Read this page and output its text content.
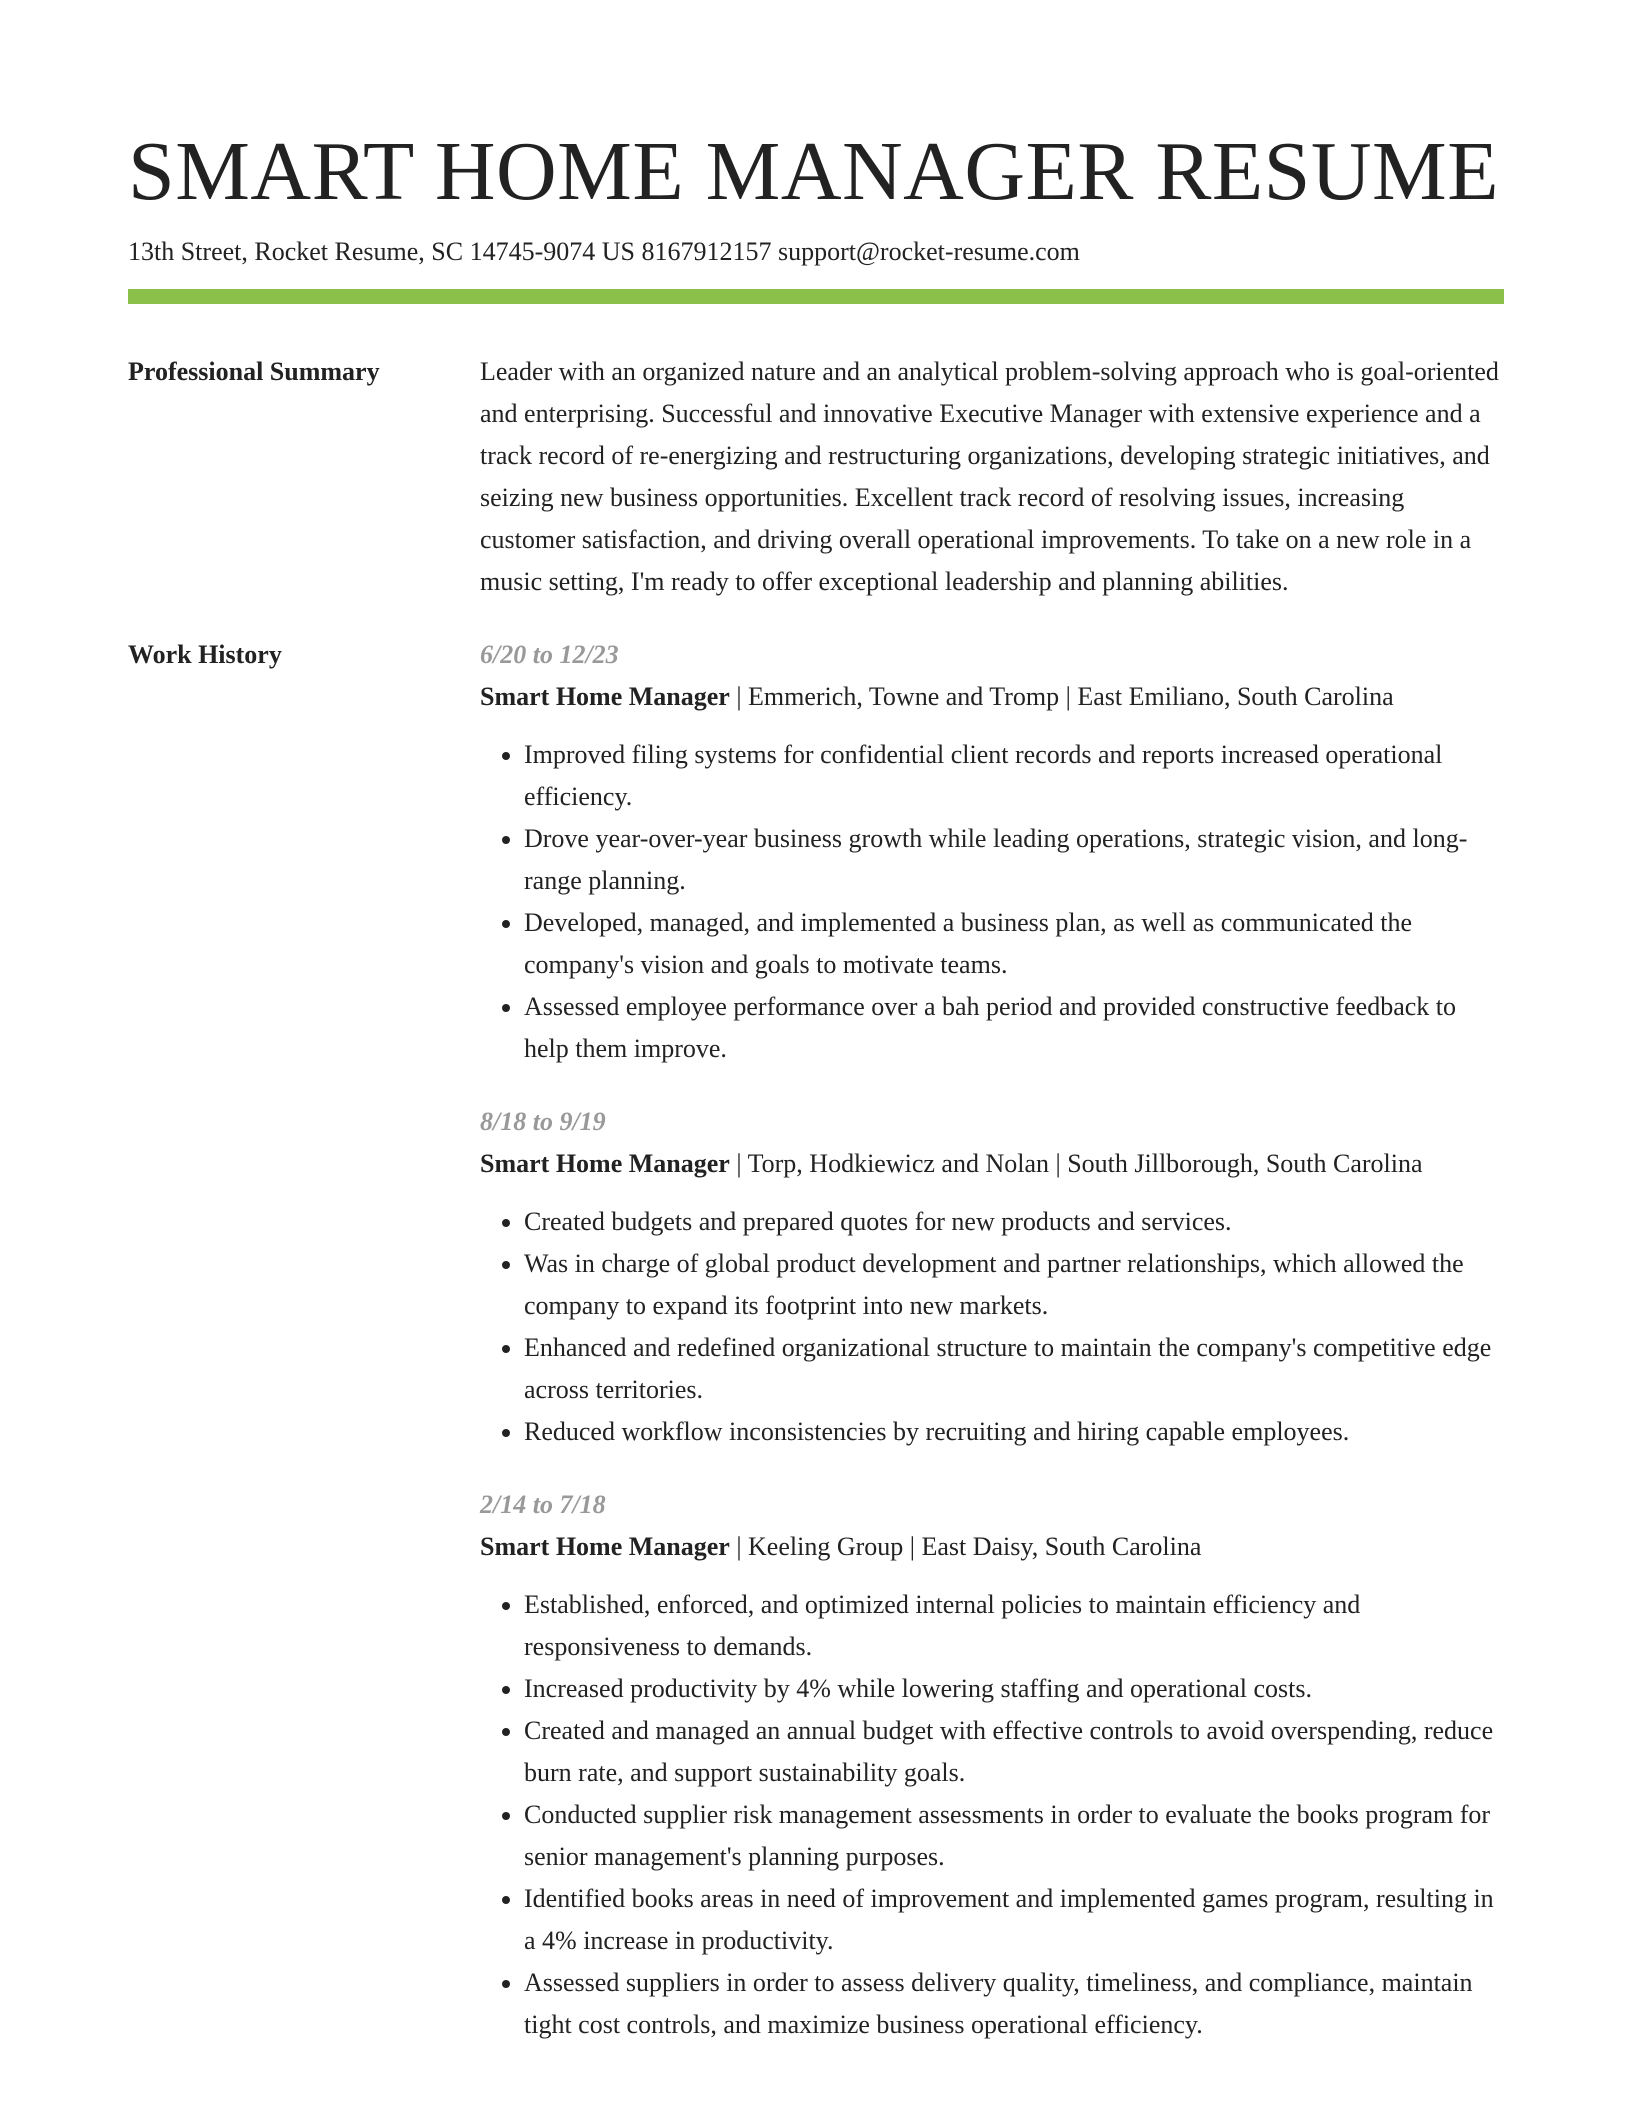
SMART HOME MANAGER RESUME
13th Street, Rocket Resume, SC 14745-9074 US 8167912157 support@rocket-resume.com
Professional Summary	Leader with an organized nature and an analytical problem-solving approach who is goal-oriented and enterprising. Successful and innovative Executive Manager with extensive experience and a track record of re-energizing and restructuring organizations, developing strategic initiatives, and seizing new business opportunities. Excellent track record of resolving issues, increasing customer satisfaction, and driving overall operational improvements. To take on a new role in a music setting, I'm ready to offer exceptional leadership and planning abilities.

Work History	6/20 to 12/23
Smart Home Manager | Emmerich, Towne and Tromp | East Emiliano, South Carolina
• Improved filing systems for confidential client records and reports increased operational efficiency.
• Drove year-over-year business growth while leading operations, strategic vision, and long-range planning.
• Developed, managed, and implemented a business plan, as well as communicated the company's vision and goals to motivate teams.
• Assessed employee performance over a bah period and provided constructive feedback to help them improve.
8/18 to 9/19
Smart Home Manager | Torp, Hodkiewicz and Nolan | South Jillborough, South Carolina
• Created budgets and prepared quotes for new products and services.
• Was in charge of global product development and partner relationships, which allowed the company to expand its footprint into new markets.
• Enhanced and redefined organizational structure to maintain the company's competitive edge across territories.
• Reduced workflow inconsistencies by recruiting and hiring capable employees.
2/14 to 7/18
Smart Home Manager | Keeling Group | East Daisy, South Carolina
• Established, enforced, and optimized internal policies to maintain efficiency and responsiveness to demands.
• Increased productivity by 4% while lowering staffing and operational costs.
• Created and managed an annual budget with effective controls to avoid overspending, reduce burn rate, and support sustainability goals.
• Conducted supplier risk management assessments in order to evaluate the books program for senior management's planning purposes.
• Identified books areas in need of improvement and implemented games program, resulting in a 4% increase in productivity.
• Assessed suppliers in order to assess delivery quality, timeliness, and compliance, maintain tight cost controls, and maximize business operational efficiency.
